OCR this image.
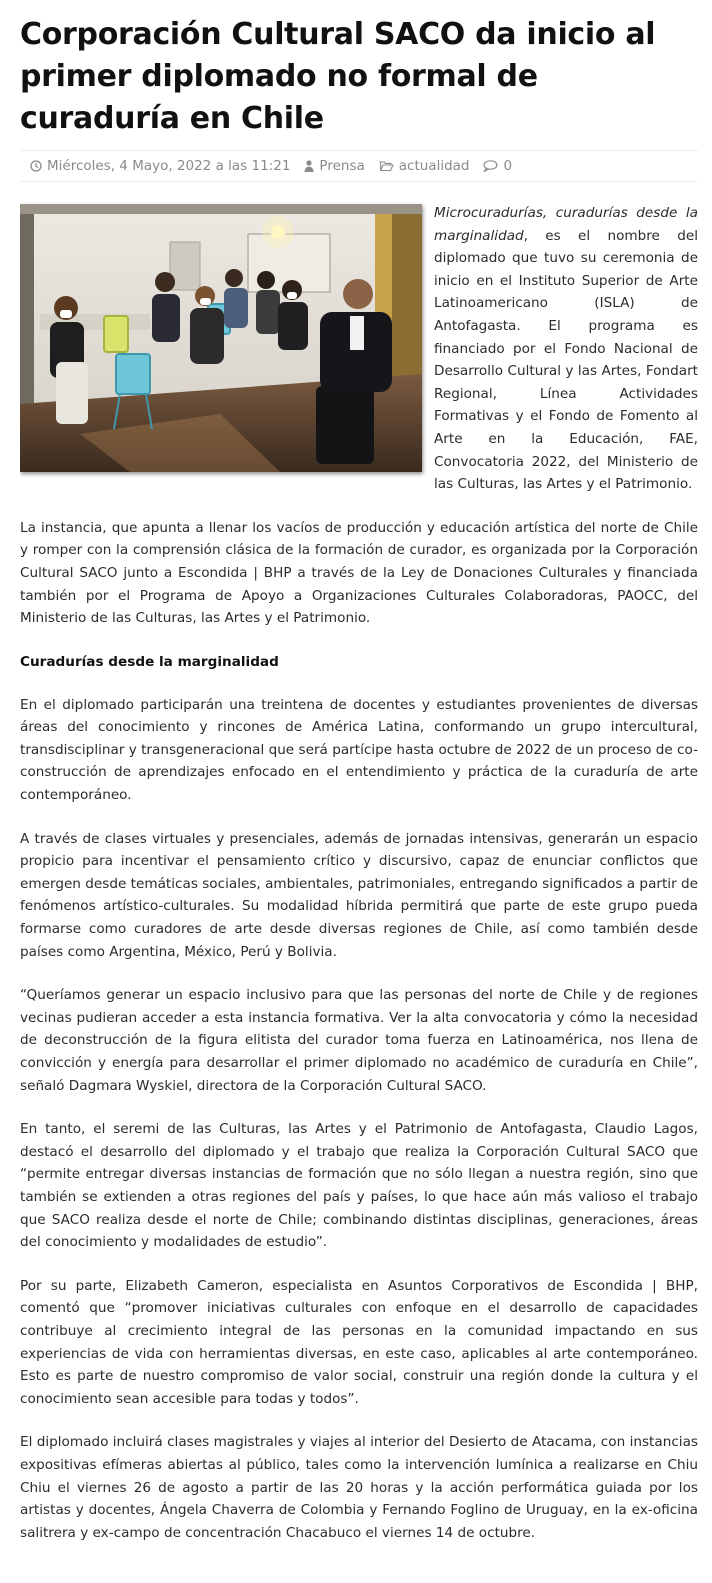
Corporación Cultural SACO da inicio al primer diplomado no formal de curaduría en Chile
Miércoles, 4 Mayo, 2022 a las 11:21 Prensa	actualidad	0

Microcuradurías, curadurías desde la marginalidad, es el nombre del diplomado que tuvo su ceremonia de inicio en el Instituto Superior de Arte Latinoamericano (ISLA) de Antofagasta. El programa es financiado por el Fondo Nacional de Desarrollo Cultural y las Artes, Fondart Regional, Línea Actividades Formativas y el Fondo de Fomento al Arte en la Educación, FAE, Convocatoria 2022, del Ministerio de las Culturas, las Artes y el Patrimonio.

La instancia, que apunta a llenar los vacíos de producción y educación artística del norte de Chile y romper con la comprensión clásica de la formación de curador, es organizada por la Corporación Cultural SACO junto a Escondida | BHP a través de la Ley de Donaciones Culturales y financiada también por el Programa de Apoyo a Organizaciones Culturales Colaboradoras, PAOCC, del Ministerio de las Culturas, las Artes y el Patrimonio.

Curadurías desde la marginalidad

En el diplomado participarán una treintena de docentes y estudiantes provenientes de diversas áreas del conocimiento y rincones de América Latina, conformando un grupo intercultural, transdisciplinar y transgeneracional que será partícipe hasta octubre de 2022 de un proceso de co-construcción de aprendizajes enfocado en el entendimiento y práctica de la curaduría de arte contemporáneo.

A través de clases virtuales y presenciales, además de jornadas intensivas, generarán un espacio propicio para incentivar el pensamiento crítico y discursivo, capaz de enunciar conflictos que emergen desde temáticas sociales, ambientales, patrimoniales, entregando significados a partir de fenómenos artístico-culturales. Su modalidad híbrida permitirá que parte de este grupo pueda formarse como curadores de arte desde diversas regiones de Chile, así como también desde países como Argentina, México, Perú y Bolivia.

“Queríamos generar un espacio inclusivo para que las personas del norte de Chile y de regiones vecinas pudieran acceder a esta instancia formativa. Ver la alta convocatoria y cómo la necesidad de deconstrucción de la figura elitista del curador toma fuerza en Latinoamérica, nos llena de convicción y energía para desarrollar el primer diplomado no académico de curaduría en Chile”, señaló Dagmara Wyskiel, directora de la Corporación Cultural SACO.

En tanto, el seremi de las Culturas, las Artes y el Patrimonio de Antofagasta, Claudio Lagos, destacó el desarrollo del diplomado y el trabajo que realiza la Corporación Cultural SACO que “permite entregar diversas instancias de formación que no sólo llegan a nuestra región, sino que también se extienden a otras regiones del país y países, lo que hace aún más valioso el trabajo que SACO realiza desde el norte de Chile; combinando distintas disciplinas, generaciones, áreas del conocimiento y modalidades de estudio”.

Por su parte, Elizabeth Cameron, especialista en Asuntos Corporativos de Escondida | BHP, comentó que “promover iniciativas culturales con enfoque en el desarrollo de capacidades contribuye al crecimiento integral de las personas en la comunidad impactando en sus experiencias de vida con herramientas diversas, en este caso, aplicables al arte contemporáneo. Esto es parte de nuestro compromiso de valor social, construir una región donde la cultura y el conocimiento sean accesible para todas y todos”.

El diplomado incluirá clases magistrales y viajes al interior del Desierto de Atacama, con instancias expositivas efímeras abiertas al público, tales como la intervención lumínica a realizarse en Chiu Chiu el viernes 26 de agosto a partir de las 20 horas y la acción performática guiada por los artistas y docentes, Ángela Chaverra de Colombia y Fernando Foglino de Uruguay, en la ex-oficina salitrera y ex-campo de concentración Chacabuco el viernes 14 de octubre.
